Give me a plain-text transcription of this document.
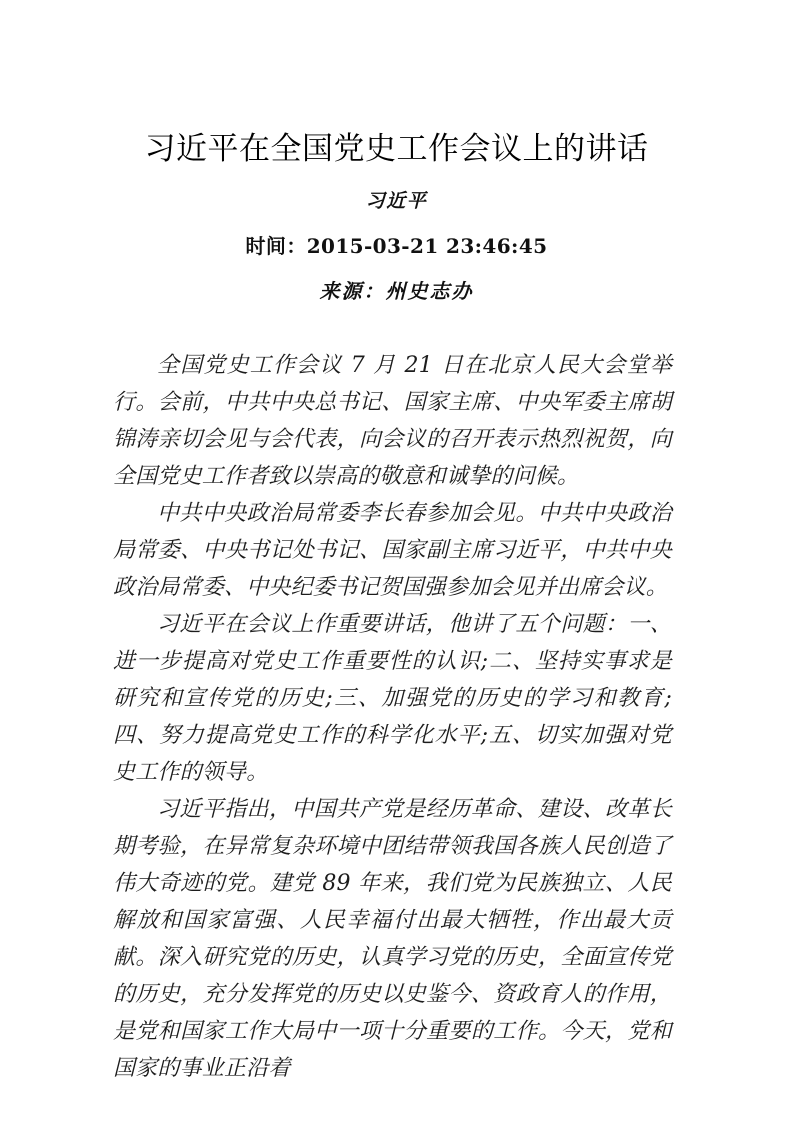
习近平在全国党史工作会议上的讲话
习近平
时间：2015-03-21 23:46:45
来源：州史志办

全国党史工作会议 7 月 21 日在北京人民大会堂举行。会前，中共中央总书记、国家主席、中央军委主席胡锦涛亲切会见与会代表，向会议的召开表示热烈祝贺，向全国党史工作者致以崇高的敬意和诚挚的问候。

中共中央政治局常委李长春参加会见。中共中央政治局常委、中央书记处书记、国家副主席习近平，中共中央政治局常委、中央纪委书记贺国强参加会见并出席会议。

习近平在会议上作重要讲话，他讲了五个问题：一、进一步提高对党史工作重要性的认识;二、坚持实事求是研究和宣传党的历史;三、加强党的历史的学习和教育;四、努力提高党史工作的科学化水平;五、切实加强对党史工作的领导。

习近平指出，中国共产党是经历革命、建设、改革长期考验，在异常复杂环境中团结带领我国各族人民创造了伟大奇迹的党。建党 89 年来，我们党为民族独立、人民解放和国家富强、人民幸福付出最大牺牲，作出最大贡献。深入研究党的历史，认真学习党的历史，全面宣传党的历史，充分发挥党的历史以史鉴今、资政育人的作用，是党和国家工作大局中一项十分重要的工作。今天，党和国家的事业正沿着
